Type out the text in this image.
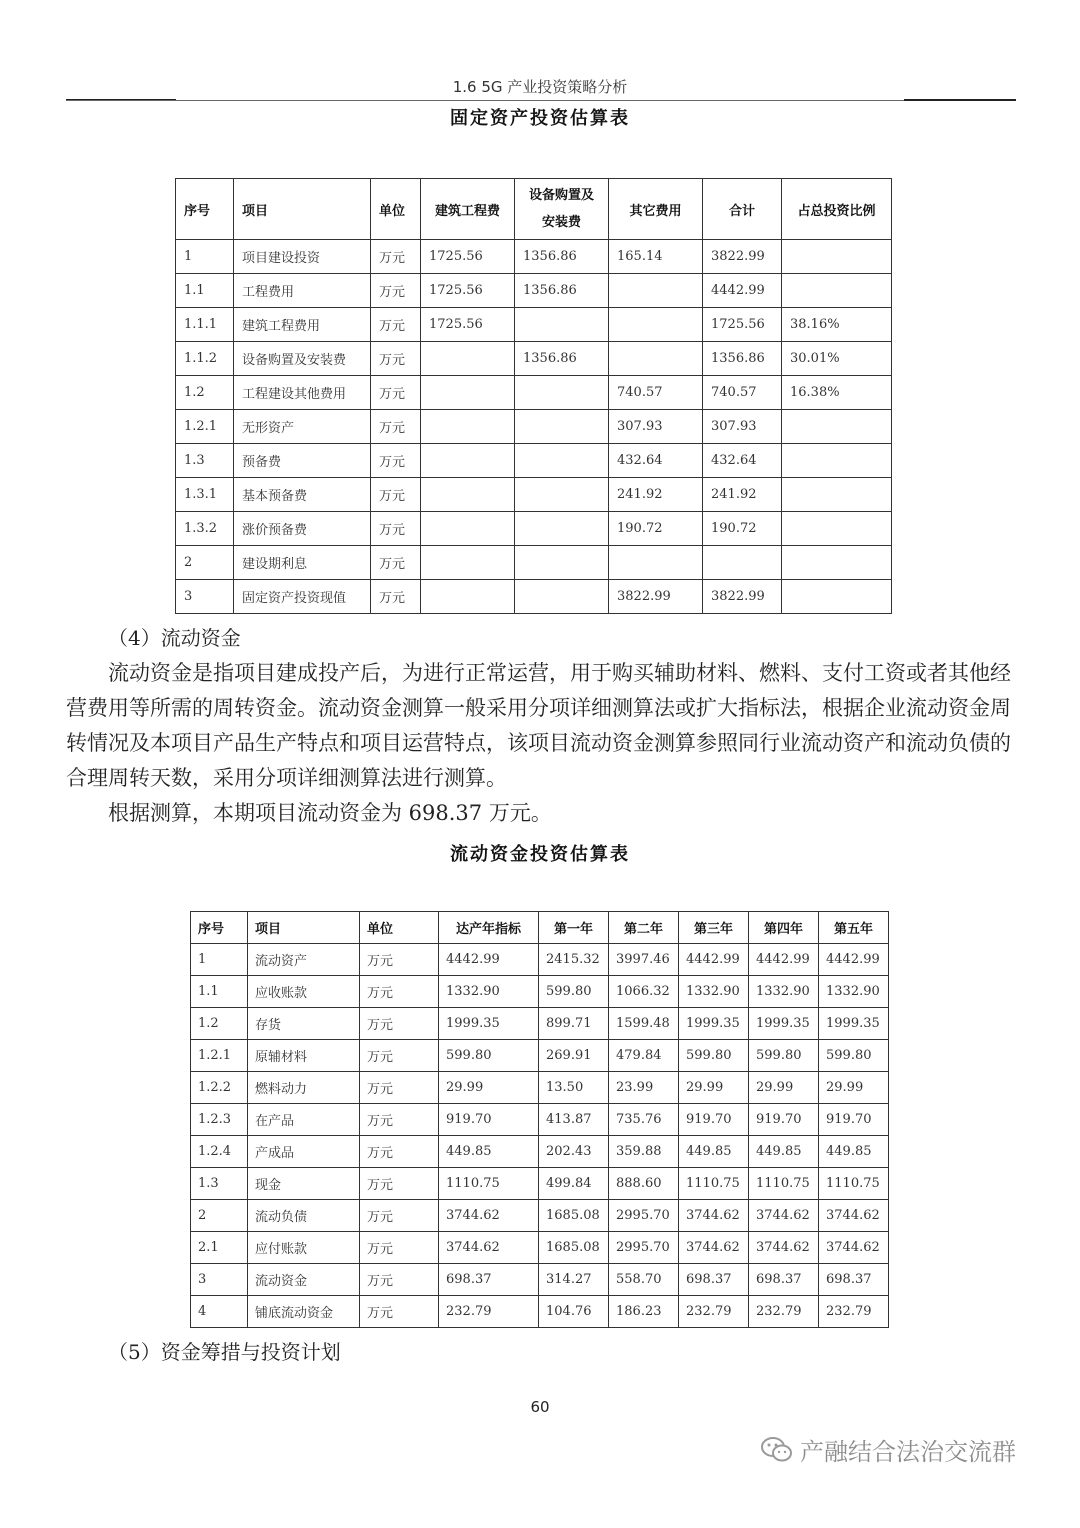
1.6 5G 产业投资策略分析
固定资产投资估算表
序号	项目	单位	建筑工程费	设备购置及
安装费	其它费用	合计	占总投资比例
1	项目建设投资	万元	1725.56	1356.86	165.14	3822.99	
1.1	工程费用	万元	1725.56	1356.86		4442.99	
1.1.1	建筑工程费用	万元	1725.56			1725.56	38.16%
1.1.2	设备购置及安装费	万元		1356.86		1356.86	30.01%
1.2	工程建设其他费用	万元			740.57	740.57	16.38%
1.2.1	无形资产	万元			307.93	307.93	
1.3	预备费	万元			432.64	432.64	
1.3.1	基本预备费	万元			241.92	241.92	
1.3.2	涨价预备费	万元			190.72	190.72	
2	建设期利息	万元					
3	固定资产投资现值	万元			3822.99	3822.99	
（4）流动资金
流动资金是指项目建成投产后，为进行正常运营，用于购买辅助材料、燃料、支付工资或者其他经营费用等所需的周转资金。流动资金测算一般采用分项详细测算法或扩大指标法，根据企业流动资金周转情况及本项目产品生产特点和项目运营特点，该项目流动资金测算参照同行业流动资产和流动负债的合理周转天数，采用分项详细测算法进行测算。
根据测算，本期项目流动资金为 698.37 万元。
流动资金投资估算表
序号	项目	单位	达产年指标	第一年	第二年	第三年	第四年	第五年
1	流动资产	万元	4442.99	2415.32	3997.46	4442.99	4442.99	4442.99
1.1	应收账款	万元	1332.90	599.80	1066.32	1332.90	1332.90	1332.90
1.2	存货	万元	1999.35	899.71	1599.48	1999.35	1999.35	1999.35
1.2.1	原辅材料	万元	599.80	269.91	479.84	599.80	599.80	599.80
1.2.2	燃料动力	万元	29.99	13.50	23.99	29.99	29.99	29.99
1.2.3	在产品	万元	919.70	413.87	735.76	919.70	919.70	919.70
1.2.4	产成品	万元	449.85	202.43	359.88	449.85	449.85	449.85
1.3	现金	万元	1110.75	499.84	888.60	1110.75	1110.75	1110.75
2	流动负债	万元	3744.62	1685.08	2995.70	3744.62	3744.62	3744.62
2.1	应付账款	万元	3744.62	1685.08	2995.70	3744.62	3744.62	3744.62
3	流动资金	万元	698.37	314.27	558.70	698.37	698.37	698.37
4	铺底流动资金	万元	232.79	104.76	186.23	232.79	232.79	232.79
（5）资金筹措与投资计划
60
产融结合法治交流群
